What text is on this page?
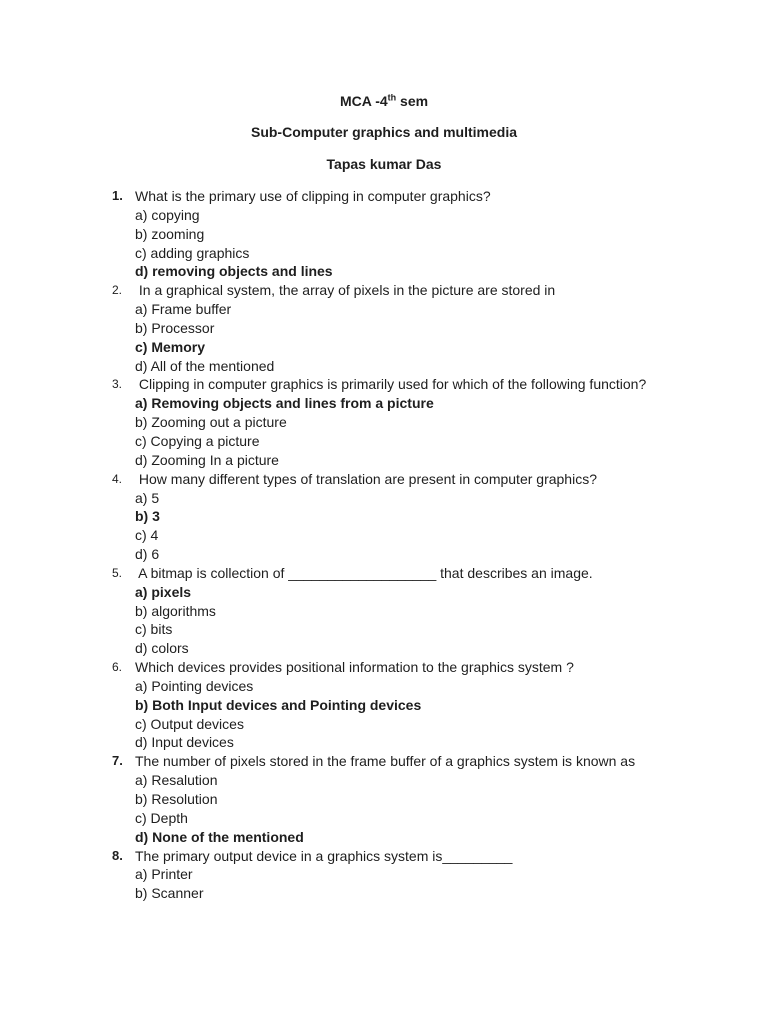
MCA -4th sem
Sub-Computer graphics and multimedia
Tapas kumar Das
1. What is the primary use of clipping in computer graphics?
a) copying
b) zooming
c) adding graphics
d) removing objects and lines
2. In a graphical system, the array of pixels in the picture are stored in
a) Frame buffer
b) Processor
c) Memory
d) All of the mentioned
3. Clipping in computer graphics is primarily used for which of the following function?
a) Removing objects and lines from a picture
b) Zooming out a picture
c) Copying a picture
d) Zooming In a picture
4. How many different types of translation are present in computer graphics?
a) 5
b) 3
c) 4
d) 6
5. A bitmap is collection of ___________________ that describes an image.
a) pixels
b) algorithms
c) bits
d) colors
6. Which devices provides positional information to the graphics system ?
a) Pointing devices
b) Both Input devices and Pointing devices
c) Output devices
d) Input devices
7. The number of pixels stored in the frame buffer of a graphics system is known as
a) Resalution
b) Resolution
c) Depth
d) None of the mentioned
8. The primary output device in a graphics system is_________
a) Printer
b) Scanner
